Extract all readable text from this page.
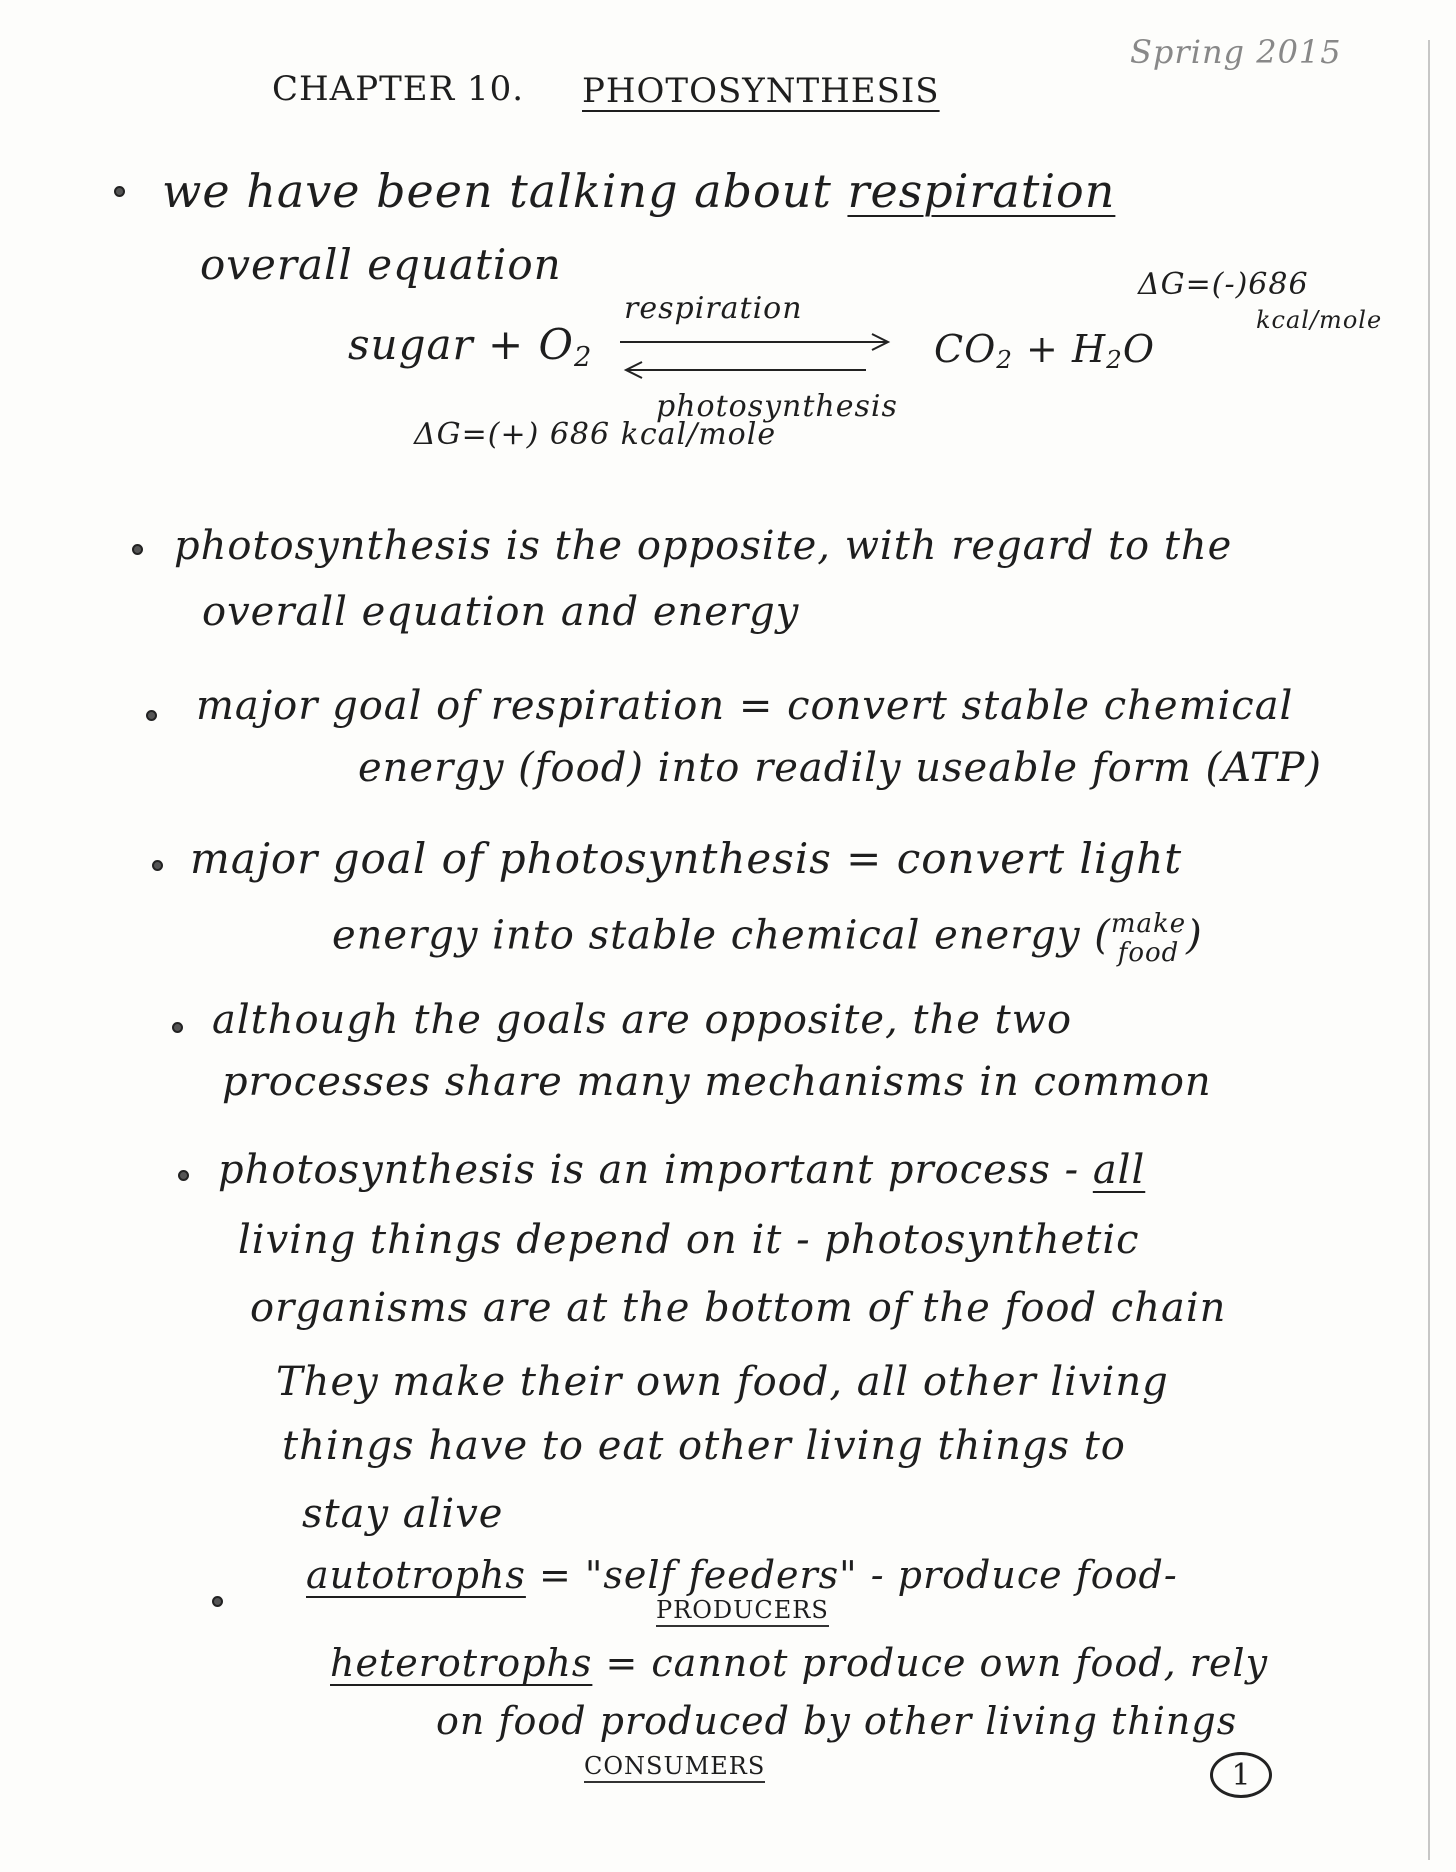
Spring 2015
CHAPTER 10. PHOTOSYNTHESIS
we have been talking about respiration
overall equation
sugar + $O_2$
respiration
photosynthesis
$CO_2 + H_2O$
ΔG=(-)686
kcal/mole
ΔG=(+) 686 kcal/mole
photosynthesis is the opposite, with regard to the
overall equation and energy
major goal of respiration = convert stable chemical
energy (food) into readily useable form (ATP)
major goal of photosynthesis = convert light
energy into stable chemical energy (make
food )
although the goals are opposite, the two
processes share many mechanisms in common
photosynthesis is an important process - all
living things depend on it - photosynthetic
organisms are at the bottom of the food chain
They make their own food, all other living
things have to eat other living things to
stay alive
autotrophs = "self feeders" - produce food-
PRODUCERS
heterotrophs = cannot produce own food, rely
on food produced by other living things
CONSUMERS	1
